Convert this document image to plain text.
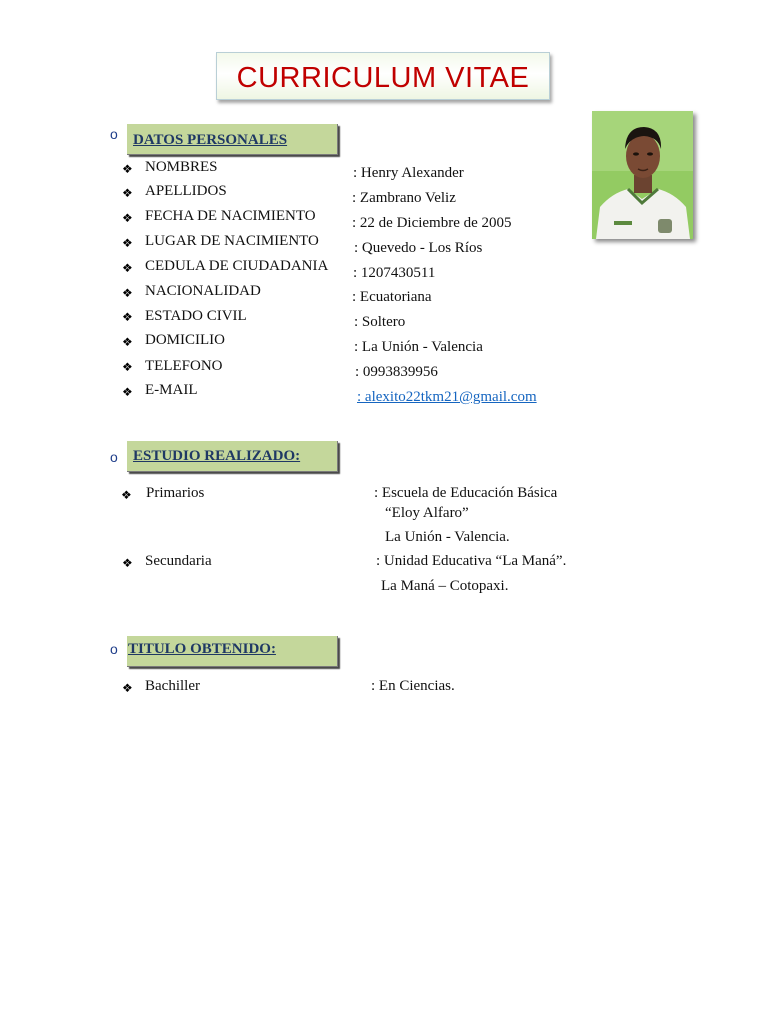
CURRICULUM VITAE
o DATOS PERSONALES
❖ NOMBRES	: Henry Alexander
❖ APELLIDOS	: Zambrano Veliz
❖ FECHA DE NACIMIENTO : 22 de Diciembre de 2005
❖ LUGAR DE NACIMIENTO : Quevedo - Los Ríos
❖ CEDULA DE CIUDADANIA : 1207430511
❖ NACIONALIDAD	: Ecuatoriana
❖ ESTADO CIVIL	: Soltero
❖ DOMICILIO	: La Unión - Valencia
❖ TELEFONO	: 0993839956
❖ E-MAIL	: alexito22tkm21@gmail.com
o ESTUDIO REALIZADO:
❖ Primarios	: Escuela de Educación Básica
“Eloy Alfaro”
La Unión - Valencia.
❖ Secundaria	: Unidad Educativa “La Maná”.
La Maná – Cotopaxi.
o TITULO OBTENIDO:
❖ Bachiller	: En Ciencias.
